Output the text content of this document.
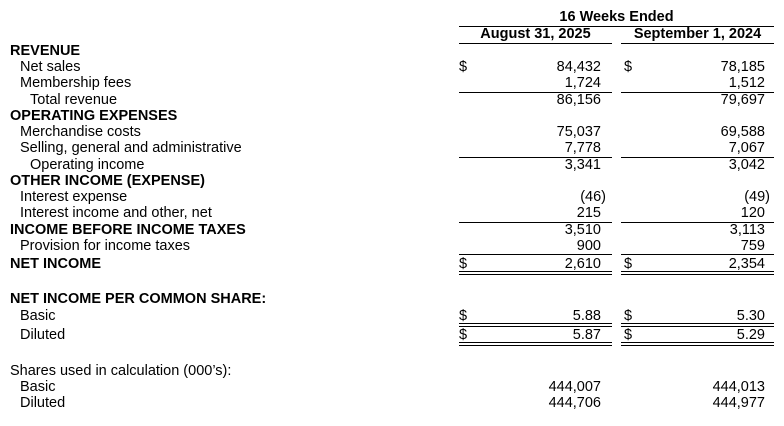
16 Weeks Ended
August 31, 2025	September 1, 2024
REVENUE
Net sales
Membership fees
Total revenue
OPERATING EXPENSES
Merchandise costs
Selling, general and administrative
Operating income
OTHER INCOME (EXPENSE)
Interest expense
Interest income and other, net
INCOME BEFORE INCOME TAXES
Provision for income taxes
NET INCOME
NET INCOME PER COMMON SHARE:
Basic
Diluted
Shares used in calculation (000’s):
Basic
Diluted
$
$
$
$
$
$
$
$
84,432
1,724
86,156
75,037
7,778
3,341
(46)
215
3,510
900
2,610
5.88
5.87
444,007
444,706
78,185
1,512
79,697
69,588
7,067
3,042
(49)
120
3,113
759
2,354
5.30
5.29
444,013
444,977
